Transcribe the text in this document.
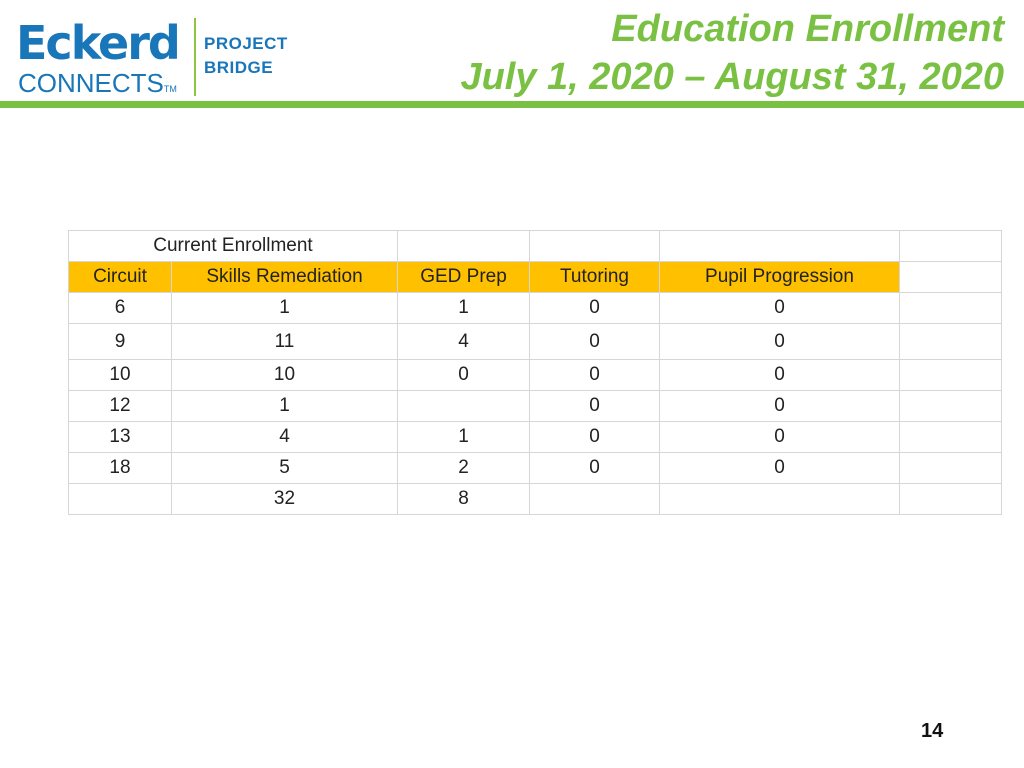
Eckerd
CONNECTSTM
PROJECT
BRIDGE
Education Enrollment
July 1, 2020 – August 31, 2020
Current Enrollment					
Circuit	Skills Remediation	GED Prep	Tutoring	Pupil Progression	
6	1	1	0	0	
9	11	4	0	0	
10	10	0	0	0	
12	1		0	0	
13	4	1	0	0	
18	5	2	0	0	
	32	8			
14
